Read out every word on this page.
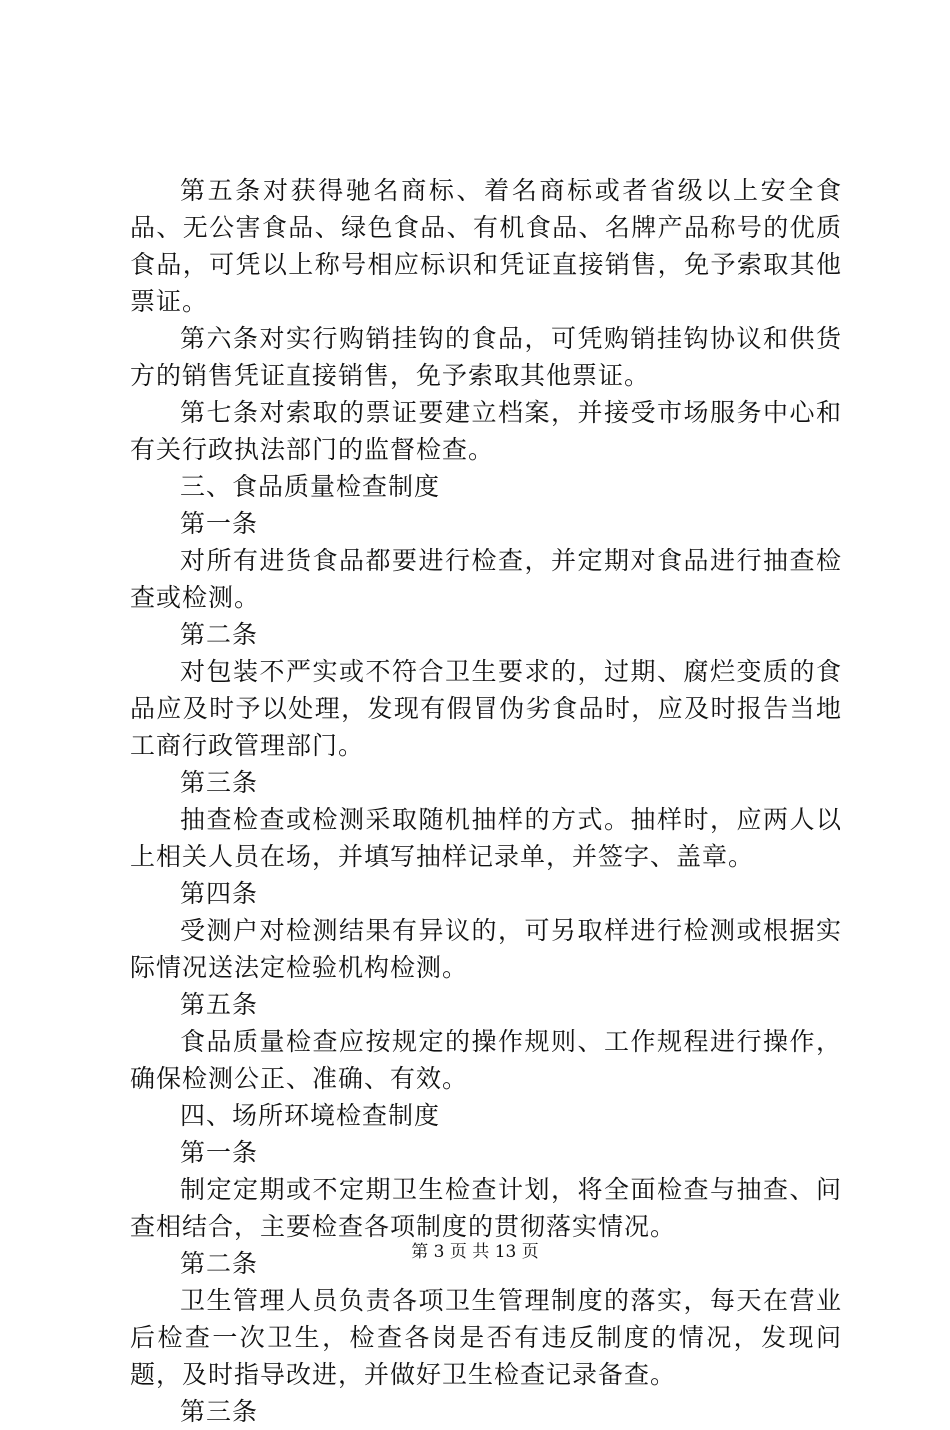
第五条对获得驰名商标、着名商标或者省级以上安全食品、无公害食品、绿色食品、有机食品、名牌产品称号的优质食品，可凭以上称号相应标识和凭证直接销售，免予索取其他票证。

第六条对实行购销挂钩的食品，可凭购销挂钩协议和供货方的销售凭证直接销售，免予索取其他票证。

第七条对索取的票证要建立档案，并接受市场服务中心和有关行政执法部门的监督检查。

三、食品质量检查制度

第一条

对所有进货食品都要进行检查，并定期对食品进行抽查检查或检测。

第二条

对包装不严实或不符合卫生要求的，过期、腐烂变质的食品应及时予以处理，发现有假冒伪劣食品时，应及时报告当地工商行政管理部门。

第三条

抽查检查或检测采取随机抽样的方式。抽样时，应两人以上相关人员在场，并填写抽样记录单，并签字、盖章。

第四条

受测户对检测结果有异议的，可另取样进行检测或根据实际情况送法定检验机构检测。

第五条

食品质量检查应按规定的操作规则、工作规程进行操作，确保检测公正、准确、有效。

四、场所环境检查制度

第一条

制定定期或不定期卫生检查计划，将全面检查与抽查、问查相结合，主要检查各项制度的贯彻落实情况。

第二条

卫生管理人员负责各项卫生管理制度的落实，每天在营业后检查一次卫生，检查各岗是否有违反制度的情况，发现问题，及时指导改进，并做好卫生检查记录备查。

第三条

第 3 页 共 13 页
